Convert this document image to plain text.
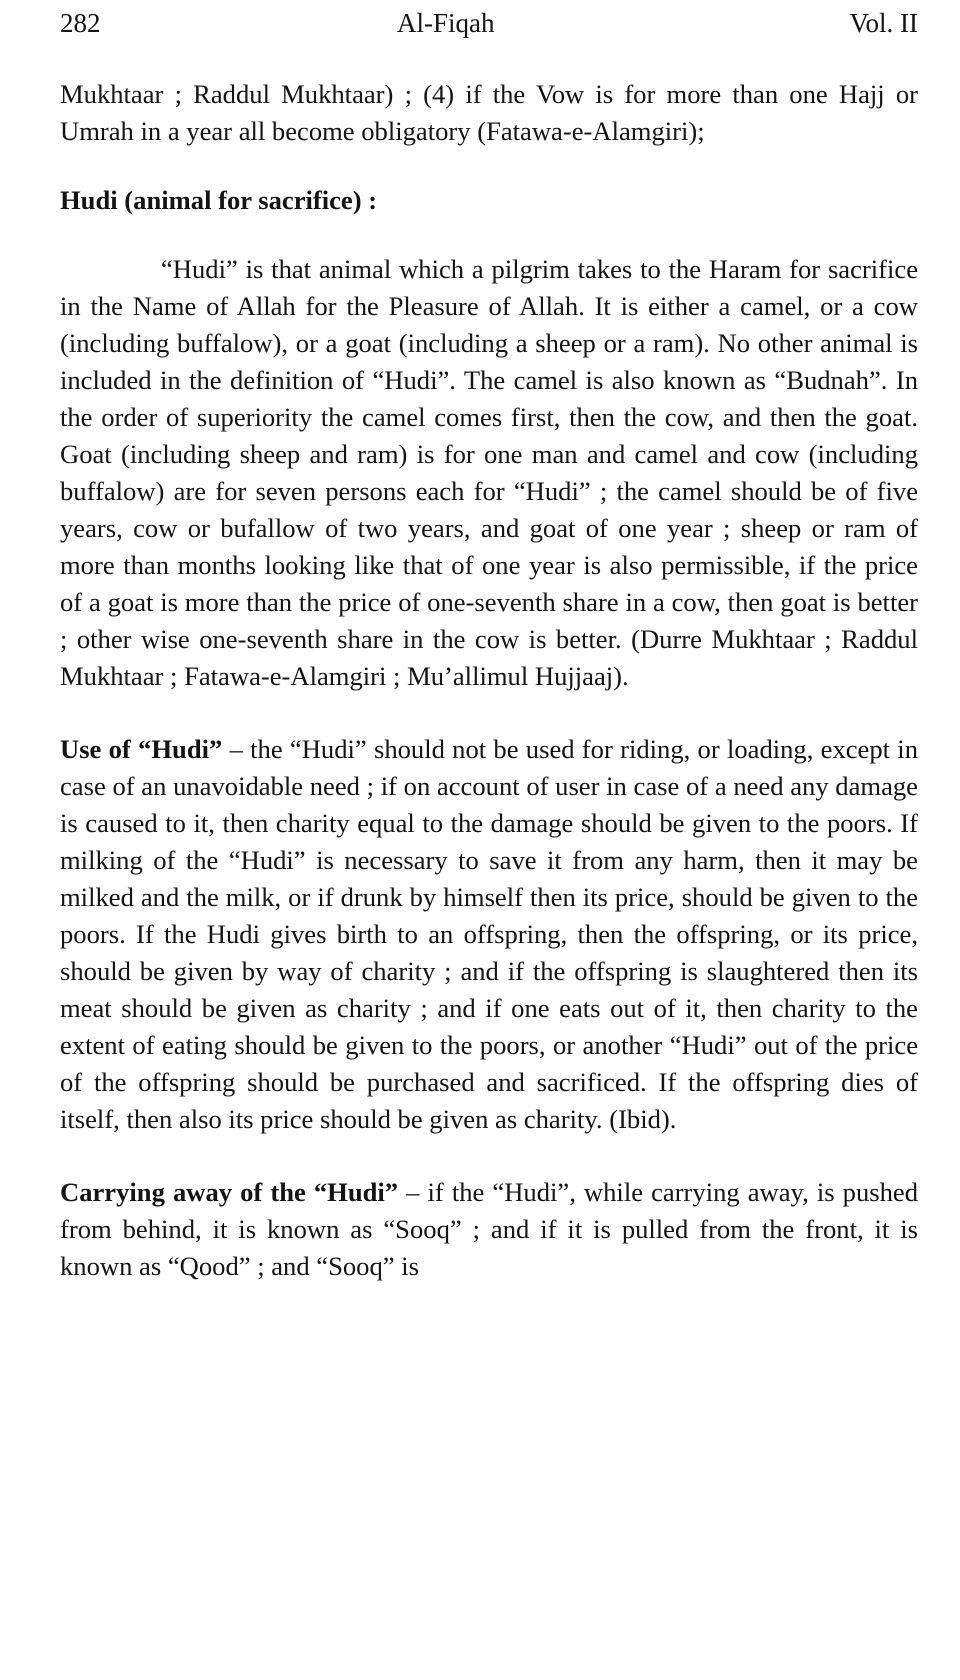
282	Al-Fiqah	Vol. II

Mukhtaar ; Raddul Mukhtaar) ; (4) if the Vow is for more than one Hajj or Umrah in a year all become obligatory (Fatawa-e-Alamgiri);

Hudi (animal for sacrifice) :

“Hudi” is that animal which a pilgrim takes to the Haram for sacrifice in the Name of Allah for the Pleasure of Allah. It is either a camel, or a cow (including buffalow), or a goat (including a sheep or a ram). No other animal is included in the definition of “Hudi”. The camel is also known as “Budnah”. In the order of superiority the camel comes first, then the cow, and then the goat. Goat (including sheep and ram) is for one man and camel and cow (including buffalow) are for seven persons each for “Hudi” ; the camel should be of five years, cow or bufallow of two years, and goat of one year ; sheep or ram of more than months looking like that of one year is also permissible, if the price of a goat is more than the price of one-seventh share in a cow, then goat is better ; other wise one-seventh share in the cow is better. (Durre Mukhtaar ; Raddul Mukhtaar ; Fatawa-e-Alamgiri ; Mu’allimul Hujjaaj).

Use of “Hudi” – the “Hudi” should not be used for riding, or loading, except in case of an unavoidable need ; if on account of user in case of a need any damage is caused to it, then charity equal to the damage should be given to the poors. If milking of the “Hudi” is necessary to save it from any harm, then it may be milked and the milk, or if drunk by himself then its price, should be given to the poors. If the Hudi gives birth to an offspring, then the offspring, or its price, should be given by way of charity ; and if the offspring is slaughtered then its meat should be given as charity ; and if one eats out of it, then charity to the extent of eating should be given to the poors, or another “Hudi” out of the price of the offspring should be purchased and sacrificed. If the offspring dies of itself, then also its price should be given as charity. (Ibid).

Carrying away of the “Hudi” – if the “Hudi”, while carrying away, is pushed from behind, it is known as “Sooq” ; and if it is pulled from the front, it is known as “Qood” ; and “Sooq” is
